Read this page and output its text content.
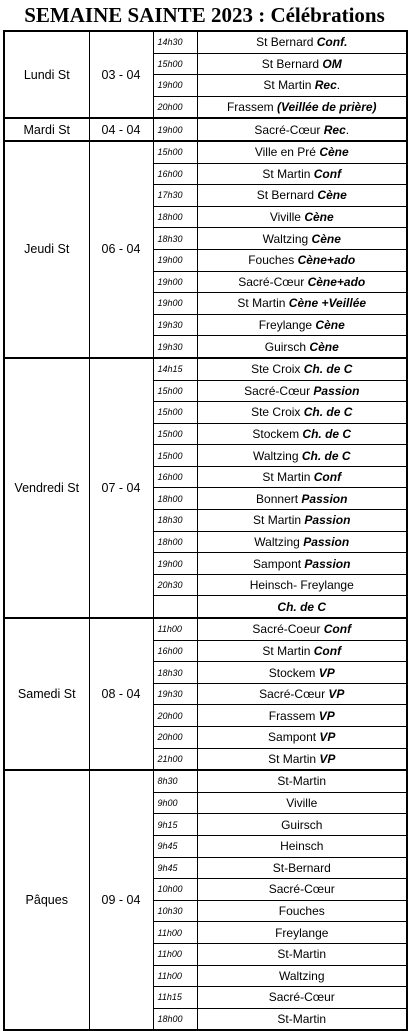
SEMAINE SAINTE 2023 : Célébrations
Lundi St	03 - 04	14h30	St Bernard Conf.
		15h00	St Bernard OM
		19h00	St Martin Rec.
		20h00	Frassem (Veillée de prière)
Mardi St	04 - 04	19h00	Sacré-Cœur Rec.
Jeudi St	06 - 04	15h00	Ville en Pré Cène
		16h00	St Martin Conf
		17h30	St Bernard Cène
		18h00	Viville Cène
		18h30	Waltzing Cène
		19h00	Fouches Cène+ado
		19h00	Sacré-Cœur Cène+ado
		19h00	St Martin Cène +Veillée
		19h30	Freylange Cène
		19h30	Guirsch Cène
Vendredi St	07 - 04	14h15	Ste Croix Ch. de C
		15h00	Sacré-Cœur Passion
		15h00	Ste Croix Ch. de C
		15h00	Stockem Ch. de C
		15h00	Waltzing Ch. de C
		16h00	St Martin Conf
		18h00	Bonnert Passion
		18h30	St Martin Passion
		18h00	Waltzing Passion
		19h00	Sampont Passion
		20h30	Heinsch- Freylange
			Ch. de C
Samedi St	08 - 04	11h00	Sacré-Coeur Conf
		16h00	St Martin Conf
		18h30	Stockem VP
		19h30	Sacré-Cœur VP
		20h00	Frassem VP
		20h00	Sampont VP
		21h00	St Martin VP
Pâques	09 - 04	8h30	St-Martin
		9h00	Viville
		9h15	Guirsch
		9h45	Heinsch
		9h45	St-Bernard
		10h00	Sacré-Cœur
		10h30	Fouches
		11h00	Freylange
		11h00	St-Martin
		11h00	Waltzing
		11h15	Sacré-Cœur
		18h00	St-Martin
